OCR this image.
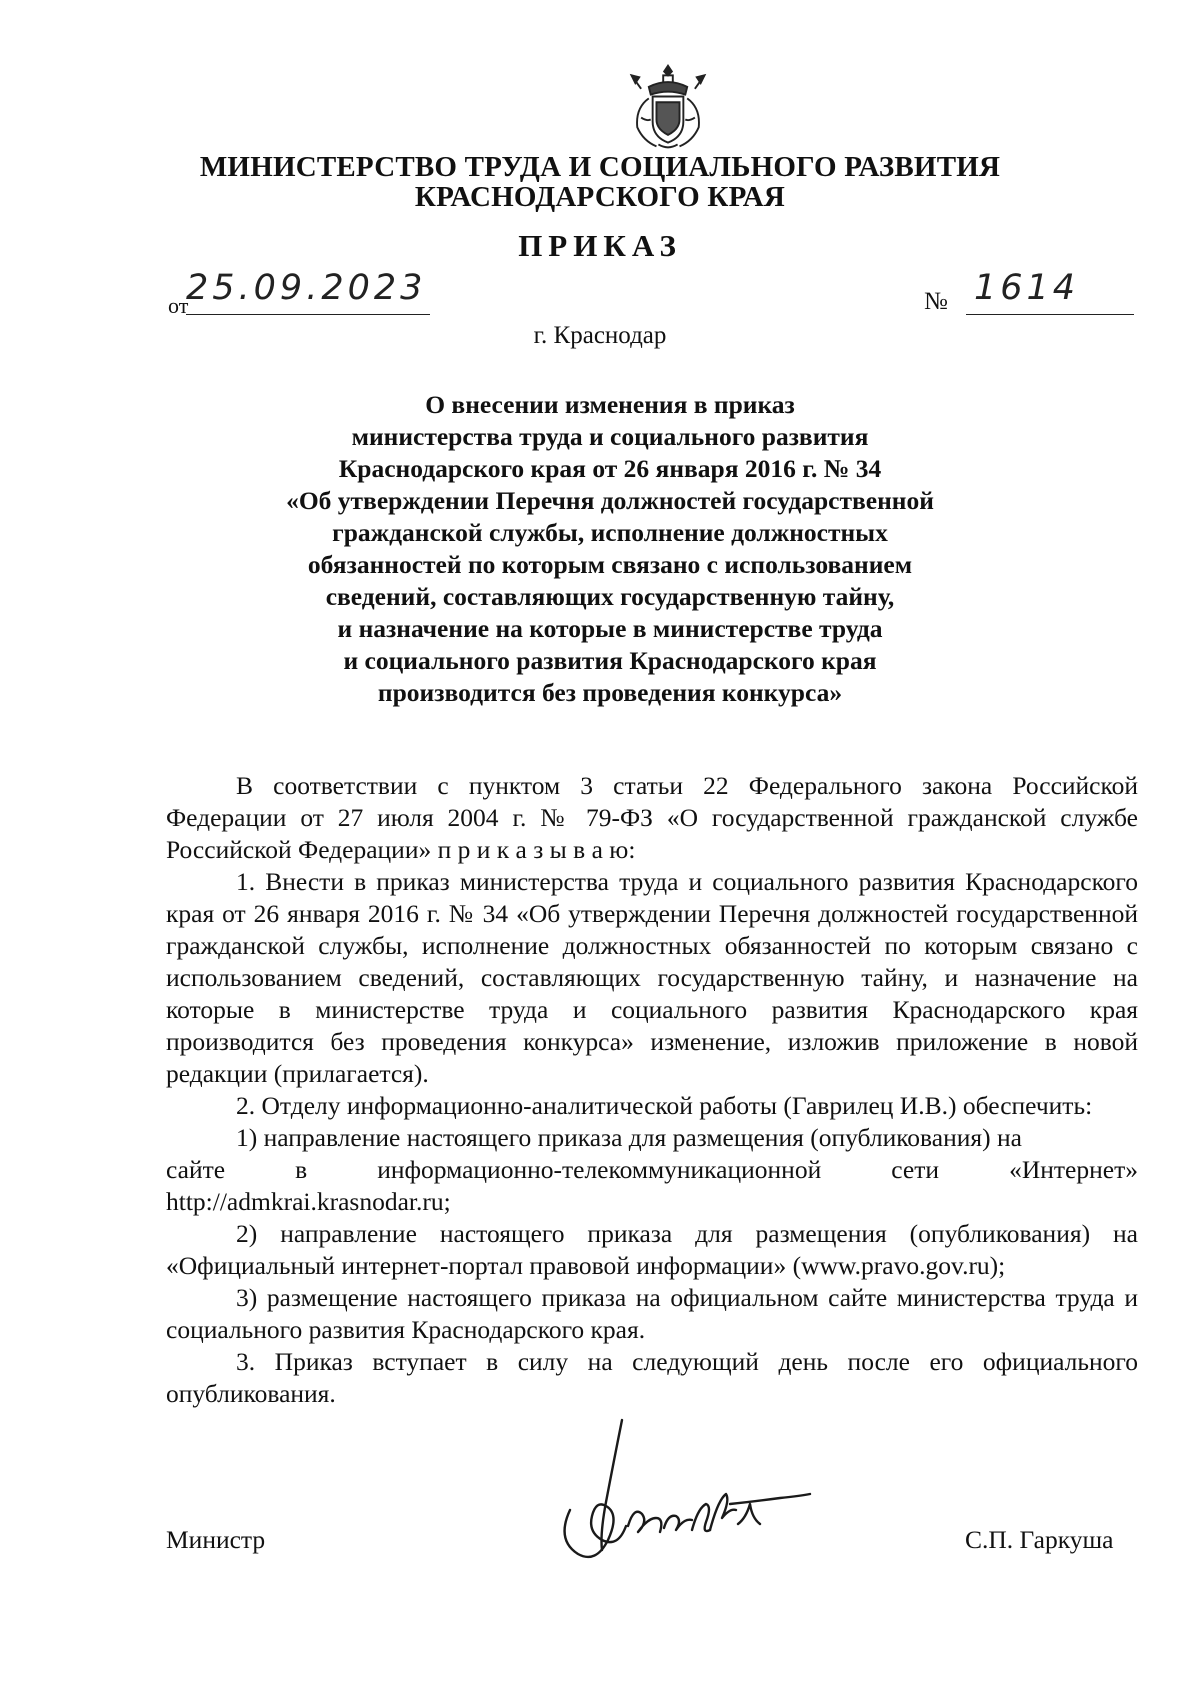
МИНИСТЕРСТВО ТРУДА И СОЦИАЛЬНОГО РАЗВИТИЯ
КРАСНОДАРСКОГО КРАЯ
ПРИКАЗ
от
25.09.2023	№ 1614
г. Краснодар
О внесении изменения в приказ
министерства труда и социального развития
Краснодарского края от 26 января 2016 г. № 34
«Об утверждении Перечня должностей государственной
гражданской службы, исполнение должностных
обязанностей по которым связано с использованием
сведений, составляющих государственную тайну,
и назначение на которые в министерстве труда
и социального развития Краснодарского края
производится без проведения конкурса»

В соответствии с пунктом 3 статьи 22 Федерального закона Российской Федерации от 27 июля 2004 г. № 79-ФЗ «О государственной гражданской службе Российской Федерации» п р и к а з ы в а ю:

1. Внести в приказ министерства труда и социального развития Краснодарского края от 26 января 2016 г. № 34 «Об утверждении Перечня должностей государственной гражданской службы, исполнение должностных обязанностей по которым связано с использованием сведений, составляющих государственную тайну, и назначение на которые в министерстве труда и социального развития Краснодарского края производится без проведения конкурса» изменение, изложив приложение в новой редакции (прилагается).

2. Отделу информационно-аналитической работы (Гаврилец И.В.) обеспечить:

1) направление настоящего приказа для размещения (опубликования) на

сайте	в	информационно-телекоммуникационной	сети	«Интернет»

http://admkrai.krasnodar.ru;

2) направление настоящего приказа для размещения (опубликования) на «Официальный интернет-портал правовой информации» (www.pravo.gov.ru);

3) размещение настоящего приказа на официальном сайте министерства труда и социального развития Краснодарского края.

3. Приказ вступает в силу на следующий день после его официального опубликования.

Министр	С.П. Гаркуша
